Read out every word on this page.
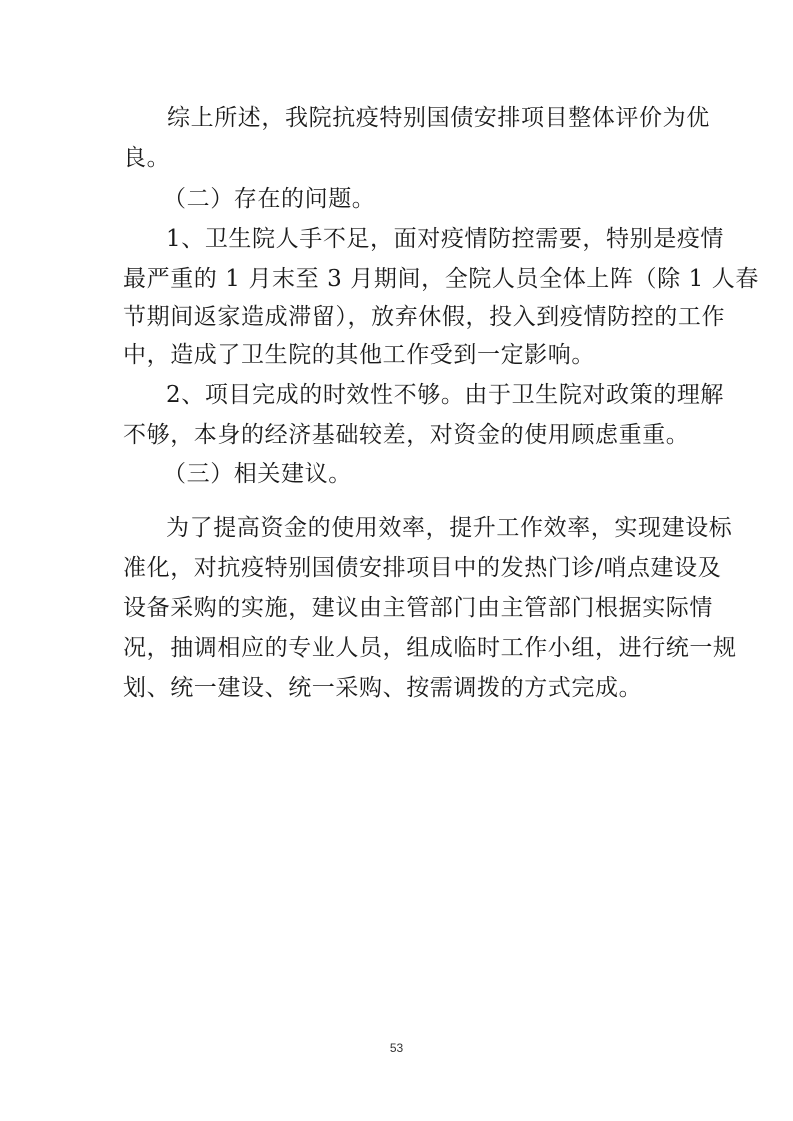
综上所述，我院抗疫特别国债安排项目整体评价为优
良。
（二）存在的问题。
1、卫生院人手不足，面对疫情防控需要，特别是疫情
最严重的 1 月末至 3 月期间，全院人员全体上阵（除 1 人春
节期间返家造成滞留），放弃休假，投入到疫情防控的工作
中，造成了卫生院的其他工作受到一定影响。
2、项目完成的时效性不够。由于卫生院对政策的理解
不够，本身的经济基础较差，对资金的使用顾虑重重。
（三）相关建议。
为了提高资金的使用效率，提升工作效率，实现建设标
准化，对抗疫特别国债安排项目中的发热门诊/哨点建设及
设备采购的实施，建议由主管部门由主管部门根据实际情
况，抽调相应的专业人员，组成临时工作小组，进行统一规
划、统一建设、统一采购、按需调拨的方式完成。
53
